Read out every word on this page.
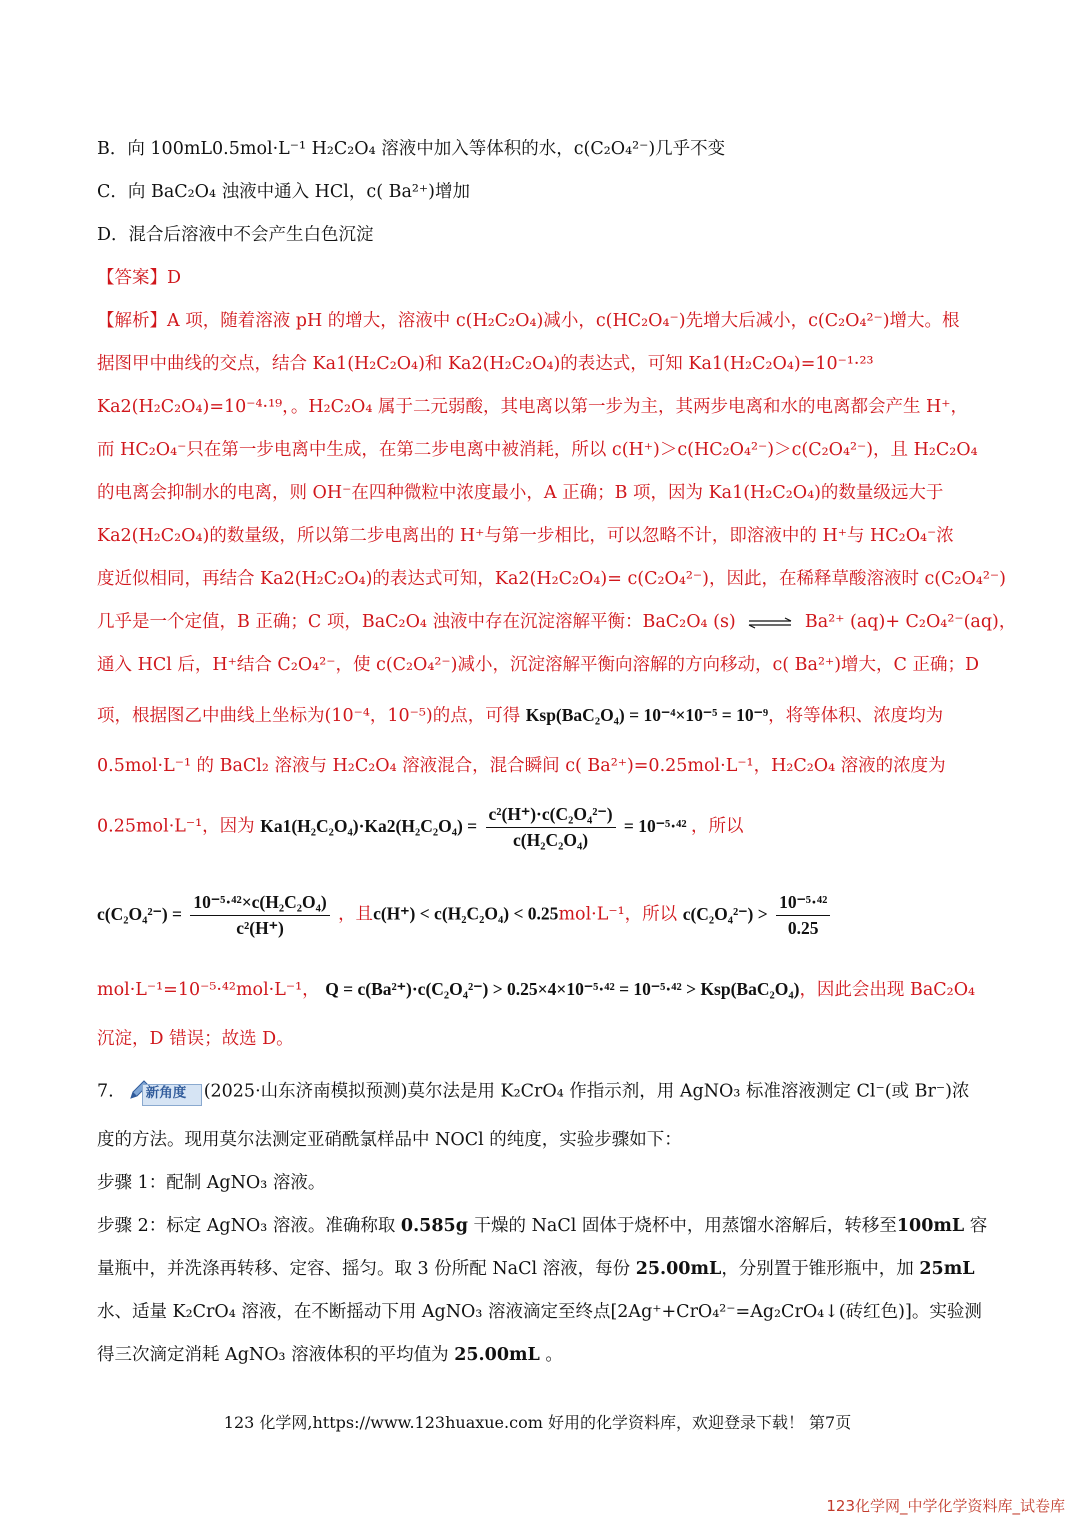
B．向 100mL0.5mol·L⁻¹ H₂C₂O₄ 溶液中加入等体积的水，c(C₂O₄²⁻)几乎不变
C．向 BaC₂O₄ 浊液中通入 HCl，c( Ba²⁺)增加
D．混合后溶液中不会产生白色沉淀
【答案】D
【解析】A 项，随着溶液 pH 的增大，溶液中 c(H₂C₂O₄)减小，c(HC₂O₄⁻)先增大后减小，c(C₂O₄²⁻)增大。根
据图甲中曲线的交点，结合 Ka1(H₂C₂O₄)和 Ka2(H₂C₂O₄)的表达式，可知 Ka1(H₂C₂O₄)=10⁻¹·²³
Ka2(H₂C₂O₄)=10⁻⁴·¹⁹，。H₂C₂O₄ 属于二元弱酸，其电离以第一步为主，其两步电离和水的电离都会产生 H⁺，
而 HC₂O₄⁻只在第一步电离中生成，在第二步电离中被消耗，所以 c(H⁺)＞c(HC₂O₄²⁻)＞c(C₂O₄²⁻)，且 H₂C₂O₄
的电离会抑制水的电离，则 OH⁻在四种微粒中浓度最小，A 正确；B 项，因为 Ka1(H₂C₂O₄)的数量级远大于
Ka2(H₂C₂O₄)的数量级，所以第二步电离出的 H⁺与第一步相比，可以忽略不计，即溶液中的 H⁺与 HC₂O₄⁻浓
度近似相同，再结合 Ka2(H₂C₂O₄)的表达式可知，Ka2(H₂C₂O₄)= c(C₂O₄²⁻)，因此，在稀释草酸溶液时 c(C₂O₄²⁻)
几乎是一个定值，B 正确；C 项，BaC₂O₄ 浊液中存在沉淀溶解平衡：BaC₂O₄ (s) ⇌ Ba²⁺ (aq)+ C₂O₄²⁻(aq)，
通入 HCl 后，H⁺结合 C₂O₄²⁻，使 c(C₂O₄²⁻)减小，沉淀溶解平衡向溶解的方向移动，c( Ba²⁺)增大，C 正确；D
项，根据图乙中曲线上坐标为(10⁻⁴，10⁻⁵)的点，可得 Ksp(BaC₂O₄) = 10⁻⁴×10⁻⁵ = 10⁻⁹，将等体积、浓度均为
0.5mol·L⁻¹ 的 BaCl₂ 溶液与 H₂C₂O₄ 溶液混合，混合瞬间 c( Ba²⁺)=0.25mol·L⁻¹，H₂C₂O₄ 溶液的浓度为
0.25mol·L⁻¹，因为 $Ka1(H_2C_2O_4)\cdot Ka2(H_2C_2O_4) = \frac{\text{c²(H⁺)·c(C₂O₄²⁻)}}{\text{c(H₂C₂O₄)}} = 10^{-5}\cdot^{42}$ ，所以
$c(C_2O_4^{2-}) = \frac{\text{10⁻⁵·⁴²×c(H₂C₂O₄)}}{\text{c²(H⁺)}}$ ，且c(H⁺) < c(H₂C₂O₄) < 0.25mol·L⁻¹，所以 $c(C_2O_4^{2-}) > \frac{\text{10⁻⁵·⁴²}}{0.25}$
mol·L⁻¹=10⁻⁵·⁴²mol·L⁻¹， Q = c(Ba²⁺)·c(C₂O₄²⁻) > 0.25×4×10⁻⁵·⁴² = 10⁻⁵·⁴² > Ksp(BaC₂O₄)，因此会出现 BaC₂O₄
沉淀，D 错误；故选 D。
7. 新角度 (2025·山东济南模拟预测)莫尔法是用 K₂CrO₄ 作指示剂，用 AgNO₃ 标准溶液测定 Cl⁻(或 Br⁻)浓
度的方法。现用莫尔法测定亚硝酰氯样品中 NOCl 的纯度，实验步骤如下：
步骤 1：配制 AgNO₃ 溶液。
步骤 2：标定 AgNO₃ 溶液。准确称取 0.585g 干燥的 NaCl 固体于烧杯中，用蒸馏水溶解后，转移至100mL 容
量瓶中，并洗涤再转移、定容、摇匀。取 3 份所配 NaCl 溶液，每份 25.00mL，分别置于锥形瓶中，加 25mL
水、适量 K₂CrO₄ 溶液，在不断摇动下用 AgNO₃ 溶液滴定至终点[2Ag⁺+CrO₄²⁻=Ag₂CrO₄↓(砖红色)]。实验测
得三次滴定消耗 AgNO₃ 溶液体积的平均值为 25.00mL 。
123 化学网,https://www.123huaxue.com 好用的化学资料库，欢迎登录下载！ 第7页
123化学网_中学化学资料库_试卷库
